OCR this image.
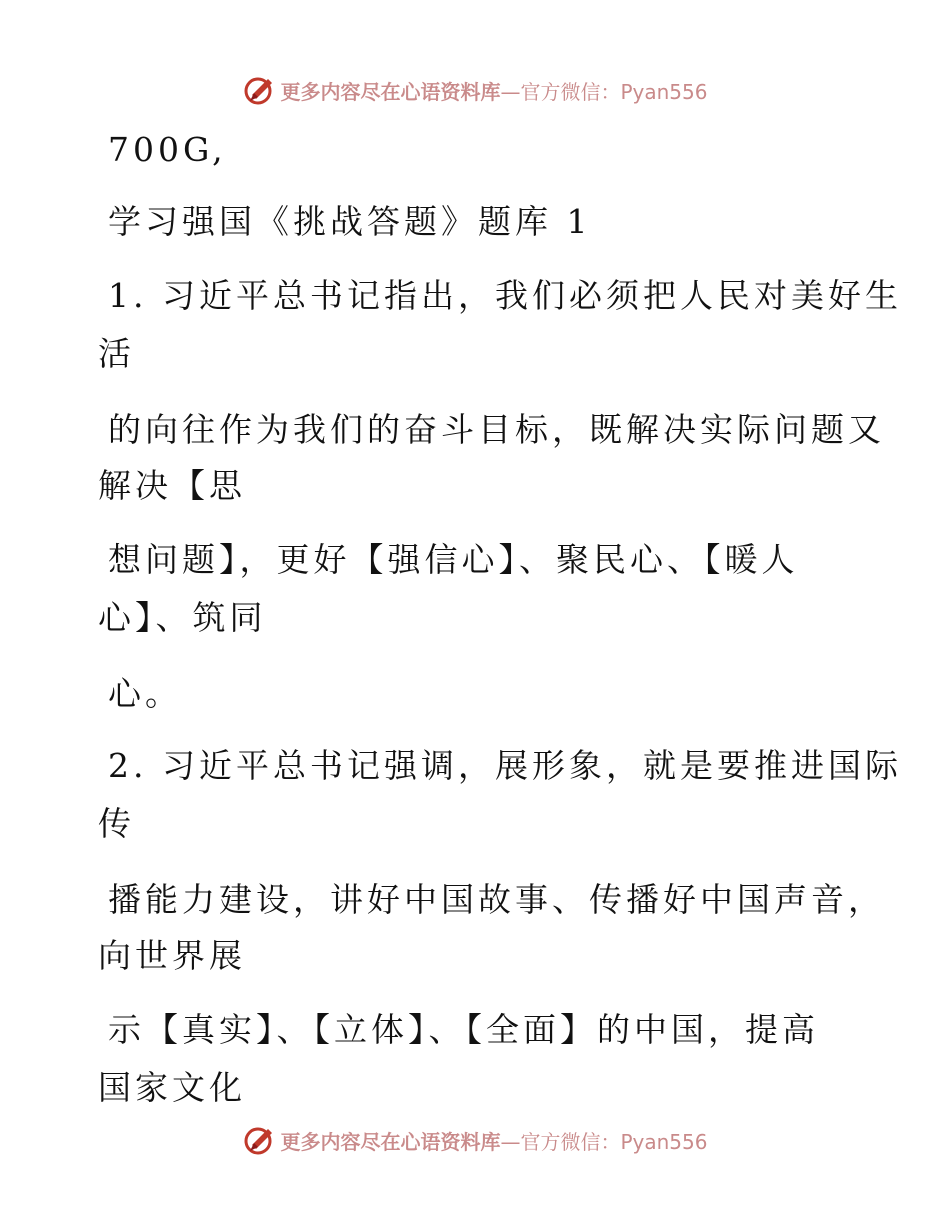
更多内容尽在心语资料库—官方微信：Pyan556
700G,
学习强国《挑战答题》题库 1
1. 习近平总书记指出，我们必须把人民对美好生
活
的向往作为我们的奋斗目标，既解决实际问题又
解决【思
想问题】，更好【强信心】、聚民心、【暖人
心】、筑同
心。
2. 习近平总书记强调，展形象，就是要推进国际
传
播能力建设，讲好中国故事、传播好中国声音，
向世界展
示【真实】、【立体】、【全面】的中国，提高
国家文化
更多内容尽在心语资料库—官方微信：Pyan556
